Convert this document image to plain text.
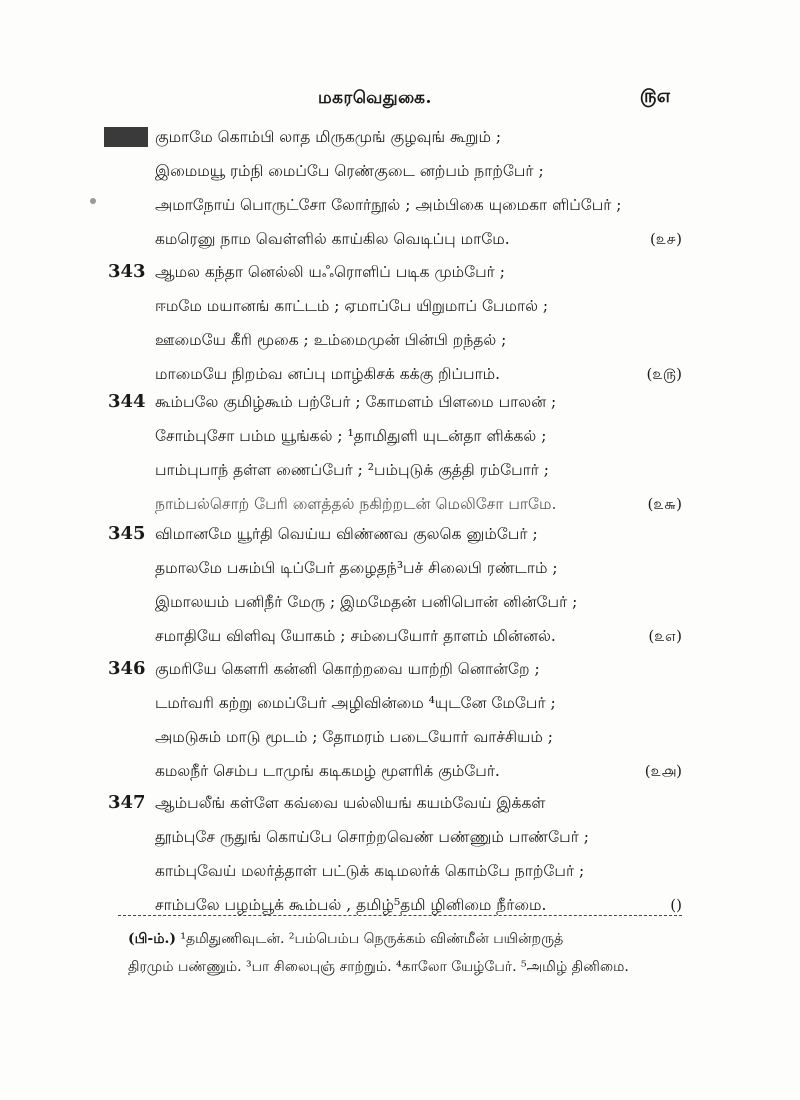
மகரவெதுகை.	௫௭
341	குமாமே கொம்பி லாத மிருகமுங் குழவுங் கூறும் ;
இமைமயூ ரம்நி மைப்பே ரெண்குடை னற்பம் நாற்பேர் ;
அமாநோய் பொருட்சோ லோர்நூல் ; அம்பிகை யுமைகா ளிப்பேர் ;
கமரெனு நாம வெள்ளில் காய்கில வெடிப்பு மாமே.	(௨௪)
343 ஆமல கந்தா னெல்லி யஃரொளிப் படிக மும்பேர் ;
ஈமமே மயானங் காட்டம் ; ஏமாப்பே யிறுமாப் பேமால் ;
ஊமையே கீரி மூகை ; உம்மைமுன் பின்பி றந்தல் ;
மாமையே நிறம்வ னப்பு மாழ்கிசக் கக்கு றிப்பாம்.	(௨௫)
344 கூம்பலே குமிழ்கூம் பற்பேர் ; கோமளம் பிளமை பாலன் ;
சோம்புசோ பம்ம யூங்கல் ; ¹தாமிதுளி யுடன்தா ளிக்கல் ;
பாம்புபாந் தள்ள ணைப்பேர் ; ²பம்புடுக் குத்தி ரம்போர் ;
நாம்பல்சொற் பேரி ளைத்தல் நகிற்றடன் மெலிசோ பாமே.	(௨௬)
345 விமானமே யூர்தி வெய்ய விண்ணவ குலகெ னும்பேர் ;
தமாலமே பசும்பி டிப்பேர் தழைதந்³பச் சிலைபி ரண்டாம் ;
இமாலயம் பனிநீர் மேரு ; இமமேதன் பனிபொன் னின்பேர் ;
சமாதியே விளிவு யோகம் ; சம்பையோர் தாளம் மின்னல்.	(௨௭)
346 குமரியே கௌரி கன்னி கொற்றவை யாற்றி னொன்றே ;
டமர்வரி கற்று மைப்பேர் அழிவின்மை ⁴யுடனே மேபேர் ;
அமடுசும் மாடு மூடம் ; தோமரம் படையோர் வாச்சியம் ;
கமலநீர் செம்ப டாமுங் கடிகமழ் மூளரிக் கும்பேர்.	(௨௮)
347 ஆம்பலீங் கள்ளே கவ்வை யல்லியங் கயம்வேய் இக்கள்
தூம்புசே ருதுங் கொய்பே சொற்றவெண் பண்ணும் பாண்பேர் ;
காம்புவேய் மலர்த்தாள் பட்டுக் கடிமலர்க் கொம்பே நாற்பேர் ;
சாம்பலே பழம்பூக் கூம்பல் , தமிழ்⁵தமி ழினிமை நீர்மை.	()
(பி-ம்.) ¹தமிதுணிவுடன். ²பம்பெம்ப நெருக்கம் விண்மீன் பயின்றருத்
திரமும் பண்ணும். ³பா சிலைபுஞ் சாற்றும். ⁴காலோ யேழ்பேர். ⁵அமிழ் தினிமை.
